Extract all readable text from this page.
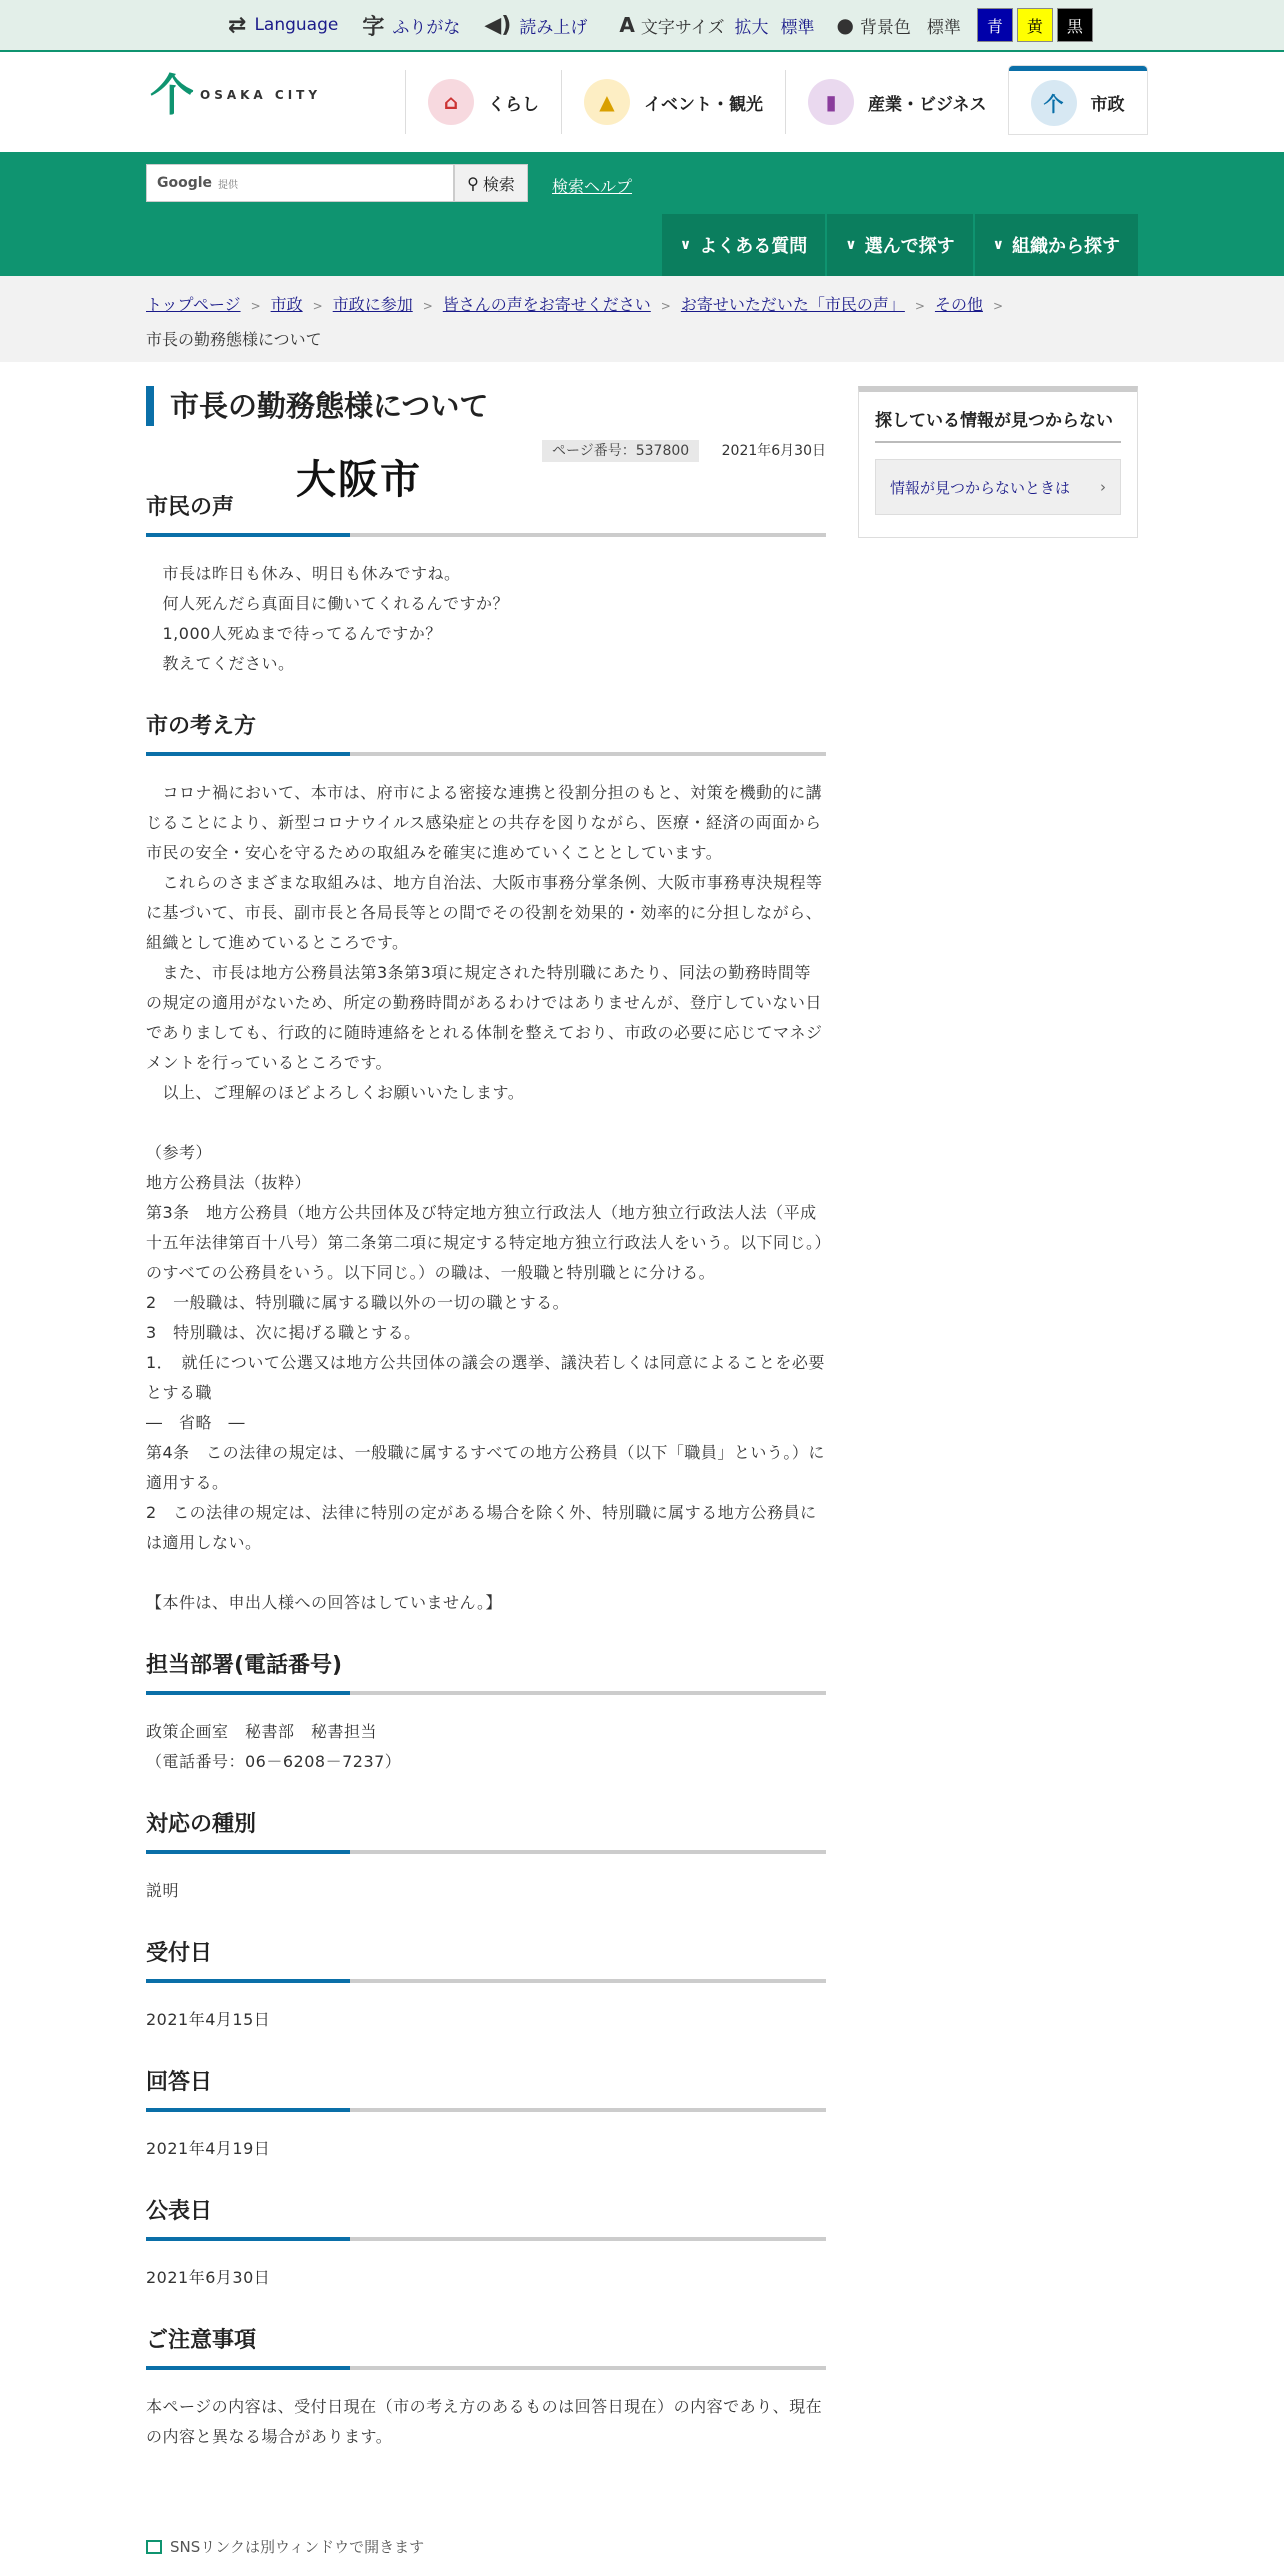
⇄ Language 字 ふりがな ◀) 読み上げ A 文字サイズ 拡大 標準 ● 背景色 標準	青	黄	黒
个 OSAKA CITY
大阪市
⌂	くらし	▲	イベント・観光	▮	産業・ビジネス	个	市政
Google 提供	⚲ 検索 検索ヘルプ
∨ よくある質問	∨ 選んで探す	∨ 組織から探す
トップページ > 市政 > 市政に参加 > 皆さんの声をお寄せください > お寄せいただいた「市民の声」 > その他 >
市長の勤務態様について
市長の勤務態様について
ページ番号：537800 2021年6月30日
市民の声

　市長は昨日も休み、明日も休みですね。

　何人死んだら真面目に働いてくれるんですか？

　1,000人死ぬまで待ってるんですか？

　教えてください。

市の考え方

　コロナ禍において、本市は、府市による密接な連携と役割分担のもと、対策を機動的に講じることにより、新型コロナウイルス感染症との共存を図りながら、医療・経済の両面から市民の安全・安心を守るための取組みを確実に進めていくこととしています。

　これらのさまざまな取組みは、地方自治法、大阪市事務分掌条例、大阪市事務専決規程等に基づいて、市長、副市長と各局長等との間でその役割を効果的・効率的に分担しながら、組織として進めているところです。

　また、市長は地方公務員法第3条第3項に規定された特別職にあたり、同法の勤務時間等の規定の適用がないため、所定の勤務時間があるわけではありませんが、登庁していない日でありましても、行政的に随時連絡をとれる体制を整えており、市政の必要に応じてマネジメントを行っているところです。

　以上、ご理解のほどよろしくお願いいたします。

（参考）

地方公務員法（抜粋）

第3条　地方公務員（地方公共団体及び特定地方独立行政法人（地方独立行政法人法（平成十五年法律第百十八号）第二条第二項に規定する特定地方独立行政法人をいう。以下同じ。）のすべての公務員をいう。以下同じ。）の職は、一般職と特別職とに分ける。

2　一般職は、特別職に属する職以外の一切の職とする。

3　特別職は、次に掲げる職とする。

1．　就任について公選又は地方公共団体の議会の選挙、議決若しくは同意によることを必要とする職

―　省略　―

第4条　この法律の規定は、一般職に属するすべての地方公務員（以下「職員」という。）に適用する。

2　この法律の規定は、法律に特別の定がある場合を除く外、特別職に属する地方公務員には適用しない。

【本件は、申出人様への回答はしていません。】

担当部署(電話番号)

政策企画室　秘書部　秘書担当

（電話番号：06－6208－7237）

対応の種別

説明

受付日

2021年4月15日

回答日

2021年4月19日

公表日

2021年6月30日

ご注意事項

本ページの内容は、受付日現在（市の考え方のあるものは回答日現在）の内容であり、現在の内容と異なる場合があります。

探している情報が見つからない
情報が見つからないときは ›
SNSリンクは別ウィンドウで開きます
